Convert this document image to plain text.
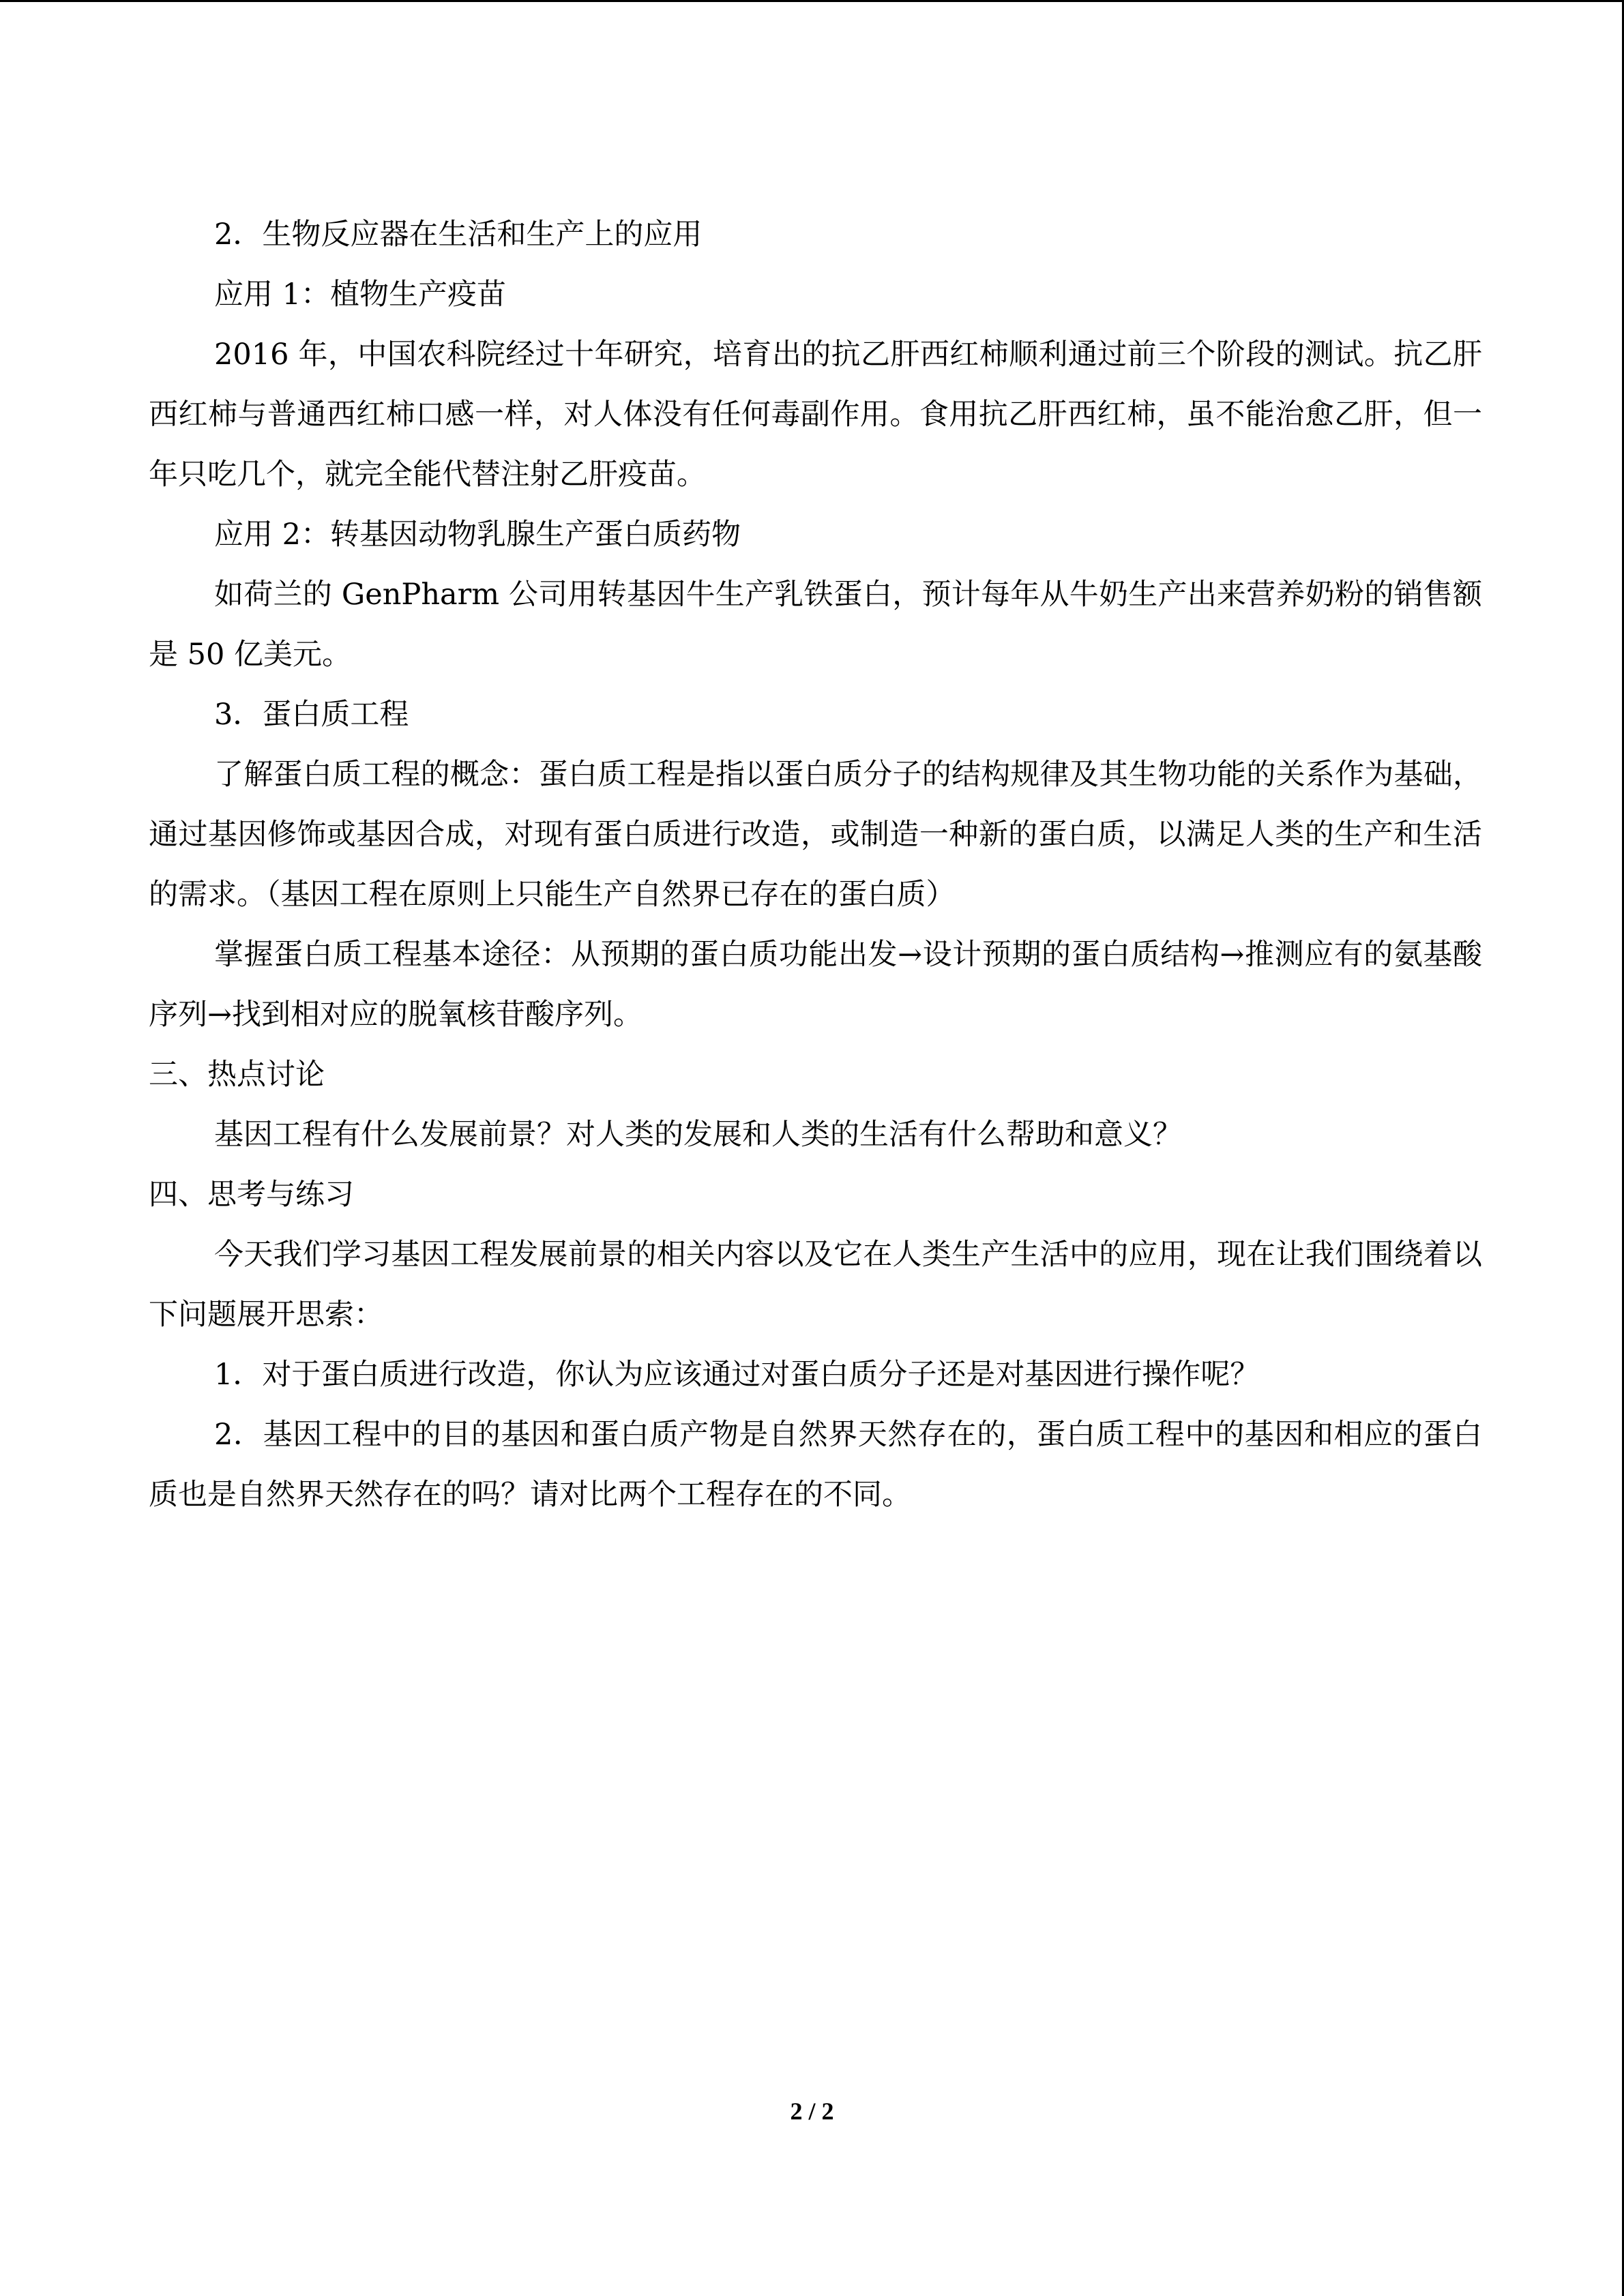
2．生物反应器在生活和生产上的应用

应用 1：植物生产疫苗

2016 年，中国农科院经过十年研究，培育出的抗乙肝西红柿顺利通过前三个阶段的测试。抗乙肝西红柿与普通西红柿口感一样，对人体没有任何毒副作用。食用抗乙肝西红柿，虽不能治愈乙肝，但一年只吃几个，就完全能代替注射乙肝疫苗。

应用 2：转基因动物乳腺生产蛋白质药物

如荷兰的 GenPharm 公司用转基因牛生产乳铁蛋白，预计每年从牛奶生产出来营养奶粉的销售额是 50 亿美元。

3．蛋白质工程

了解蛋白质工程的概念：蛋白质工程是指以蛋白质分子的结构规律及其生物功能的关系作为基础，通过基因修饰或基因合成，对现有蛋白质进行改造，或制造一种新的蛋白质，以满足人类的生产和生活的需求。（基因工程在原则上只能生产自然界已存在的蛋白质）

掌握蛋白质工程基本途径：从预期的蛋白质功能出发→设计预期的蛋白质结构→推测应有的氨基酸序列→找到相对应的脱氧核苷酸序列。

三、热点讨论

基因工程有什么发展前景？对人类的发展和人类的生活有什么帮助和意义？

四、思考与练习

今天我们学习基因工程发展前景的相关内容以及它在人类生产生活中的应用，现在让我们围绕着以下问题展开思索：

1．对于蛋白质进行改造，你认为应该通过对蛋白质分子还是对基因进行操作呢？

2．基因工程中的目的基因和蛋白质产物是自然界天然存在的，蛋白质工程中的基因和相应的蛋白质也是自然界天然存在的吗？请对比两个工程存在的不同。

2 / 2
